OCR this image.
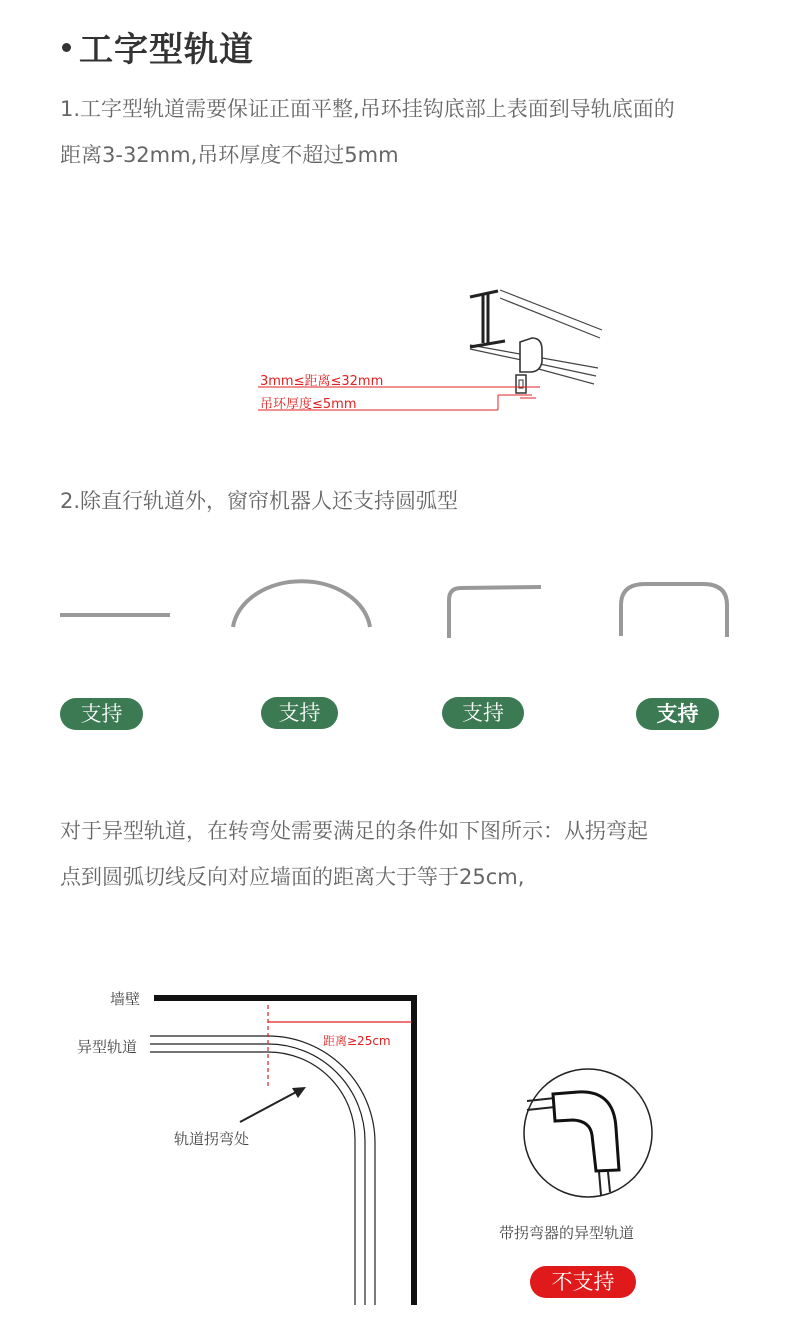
工字型轨道
1.工字型轨道需要保证正面平整,吊环挂钩底部上表面到导轨底面的
距离3-32mm,吊环厚度不超过5mm
3mm≤距离≤32mm
吊环厚度≤5mm
2.除直行轨道外，窗帘机器人还支持圆弧型
支持	支持	支持	支持
对于异型轨道，在转弯处需要满足的条件如下图所示：从拐弯起
点到圆弧切线反向对应墙面的距离大于等于25cm,
墙壁
异型轨道	距离≥25cm
轨道拐弯处
带拐弯器的异型轨道
不支持
